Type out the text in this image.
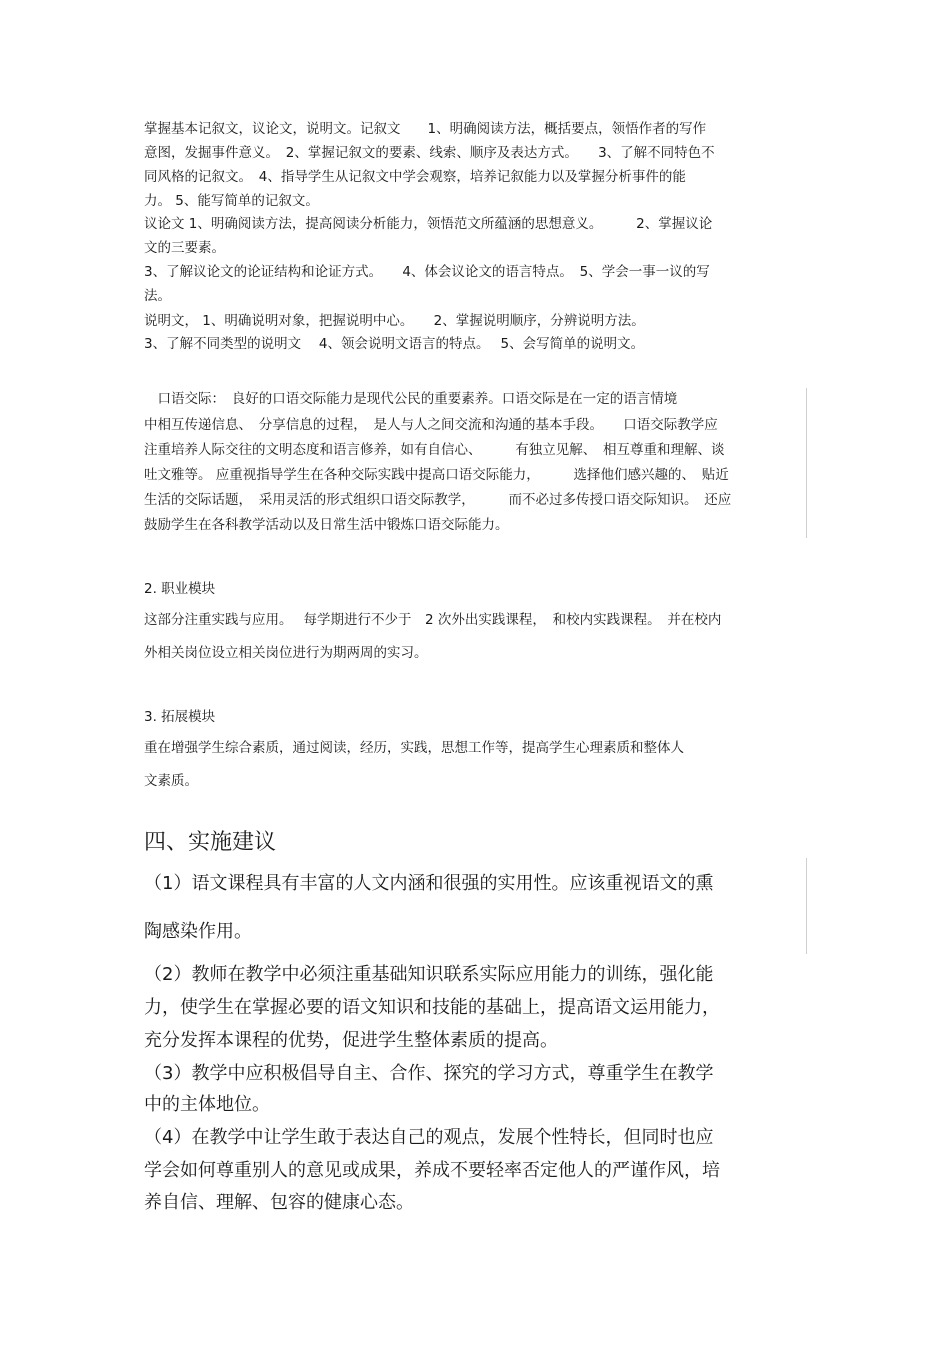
掌握基本记叙文，议论文，说明文。记叙文　　1、明确阅读方法，概括要点，领悟作者的写作

意图，发掘事件意义。　2、掌握记叙文的要素、线索、顺序及表达方式。　　3、了解不同特色不

同风格的记叙文。　4、指导学生从记叙文中学会观察，培养记叙能力以及掌握分析事件的能

力。 5、能写简单的记叙文。

议论文 1、明确阅读方法，提高阅读分析能力，领悟范文所蕴涵的思想意义。　　　2、掌握议论

文的三要素。

3、了解议论文的论证结构和论证方式。　　4、体会议论文的语言特点。　5、学会一事一议的写

法。

说明文， 1、明确说明对象，把握说明中心。　　2、掌握说明顺序，分辨说明方法。

3、了解不同类型的说明文　 4、领会说明文语言的特点。　 5、会写简单的说明文。

　口语交际：　良好的口语交际能力是现代公民的重要素养。口语交际是在一定的语言情境

中相互传递信息、　分享信息的过程，　是人与人之间交流和沟通的基本手段。　　口语交际教学应

注重培养人际交往的文明态度和语言修养，如有自信心、　　　有独立见解、　相互尊重和理解、谈

吐文雅等。 应重视指导学生在各种交际实践中提高口语交际能力，　　　选择他们感兴趣的、　贴近

生活的交际话题，　采用灵活的形式组织口语交际教学，　　　而不必过多传授口语交际知识。　还应

鼓励学生在各科教学活动以及日常生活中锻炼口语交际能力。

2. 职业模块

这部分注重实践与应用。　 每学期进行不少于　2 次外出实践课程，　和校内实践课程。　并在校内

外相关岗位设立相关岗位进行为期两周的实习。

3. 拓展模块

重在增强学生综合素质，通过阅读，经历，实践，思想工作等，提高学生心理素质和整体人

文素质。

四、实施建议

（1）语文课程具有丰富的人文内涵和很强的实用性。应该重视语文的熏

陶感染作用。

（2）教师在教学中必须注重基础知识联系实际应用能力的训练，强化能

力，使学生在掌握必要的语文知识和技能的基础上，提高语文运用能力，

充分发挥本课程的优势，促进学生整体素质的提高。

（3）教学中应积极倡导自主、合作、探究的学习方式，尊重学生在教学

中的主体地位。

（4）在教学中让学生敢于表达自己的观点，发展个性特长，但同时也应

学会如何尊重别人的意见或成果，养成不要轻率否定他人的严谨作风，培

养自信、理解、包容的健康心态。
